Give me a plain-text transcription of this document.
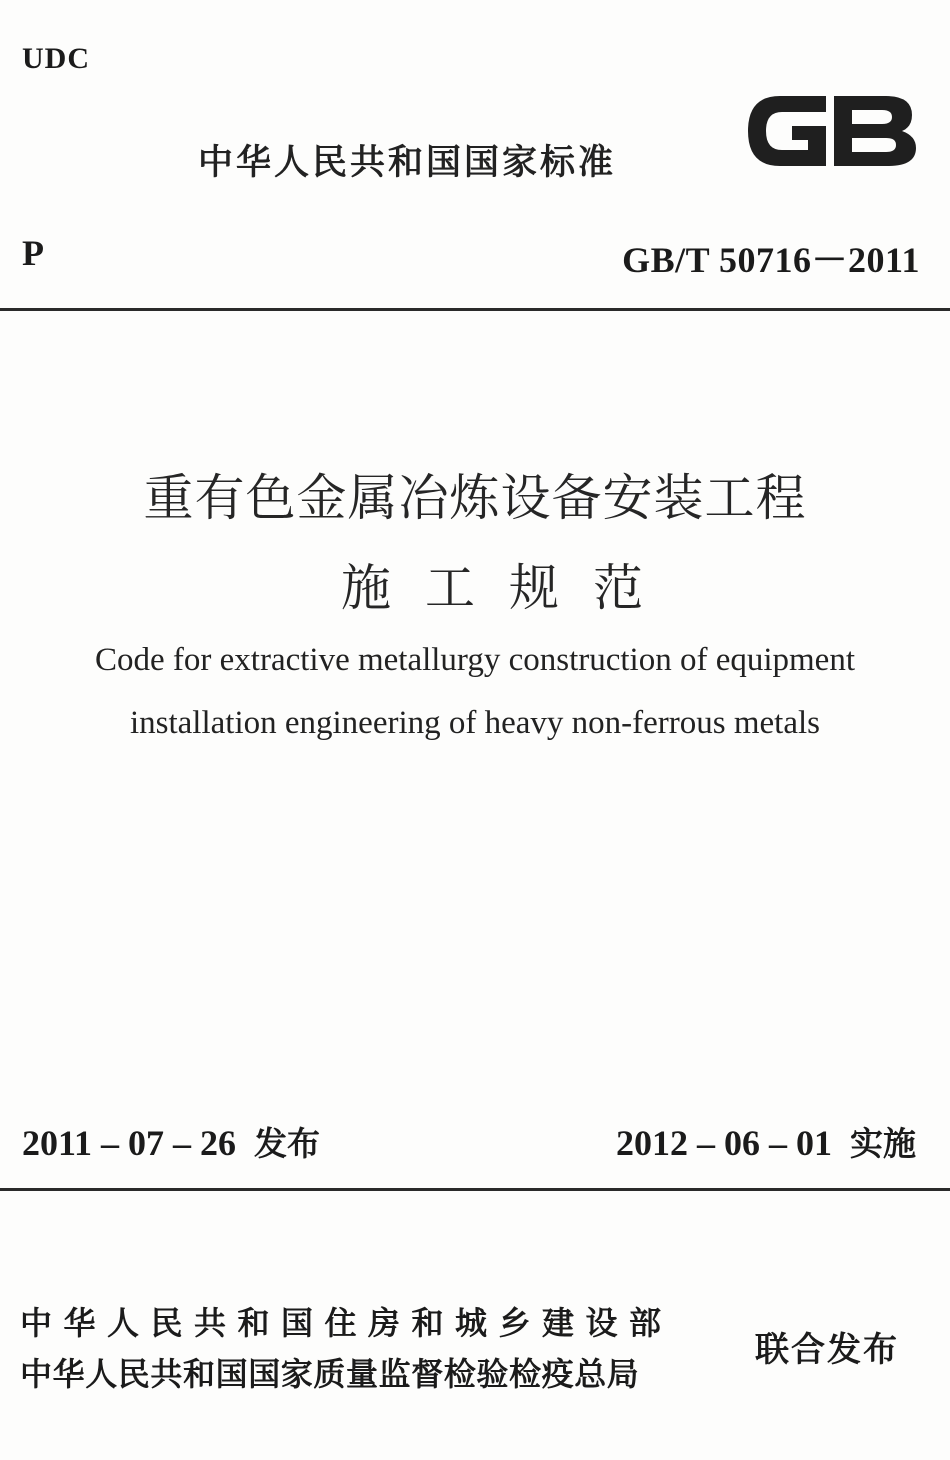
UDC
中华人民共和国国家标准
P	GB/T 50716－2011
重有色金属冶炼设备安装工程
施工规范
Code for extractive metallurgy construction of equipment
installation engineering of heavy non-ferrous metals
2011 – 07 – 26 发布	2012 – 06 – 01 实施
中华人民共和国住房和城乡建设部
中华人民共和国国家质量监督检验检疫总局
联合发布
